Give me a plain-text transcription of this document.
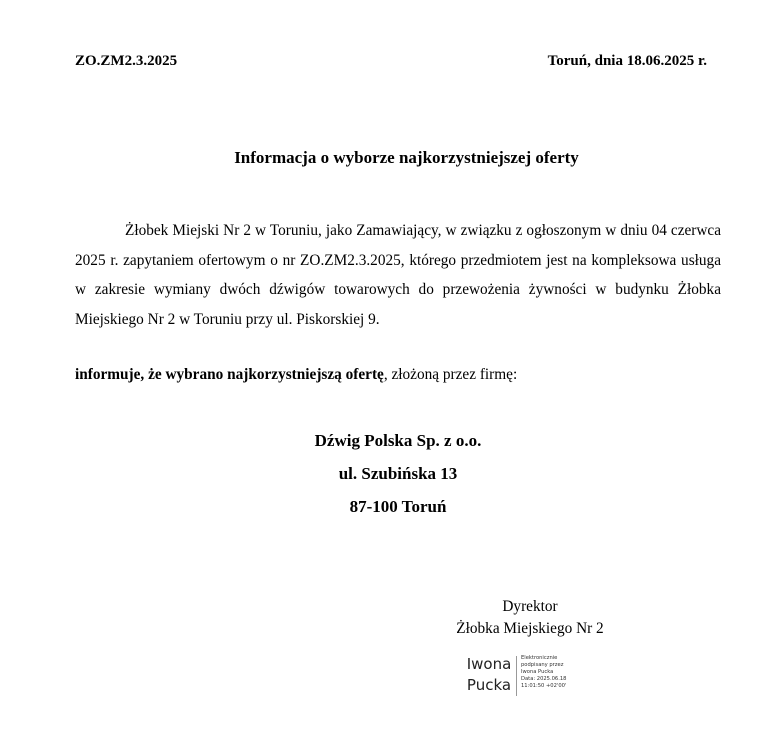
ZO.ZM2.3.2025	Toruń, dnia 18.06.2025 r.
Informacja o wyborze najkorzystniejszej oferty

Żłobek Miejski Nr 2 w Toruniu, jako Zamawiający, w związku z ogłoszonym w dniu 04 czerwca 2025 r. zapytaniem ofertowym o nr ZO.ZM2.3.2025, którego przedmiotem jest na kompleksowa usługa w zakresie wymiany dwóch dźwigów towarowych do przewożenia żywności w budynku Żłobka Miejskiego Nr 2 w Toruniu przy ul. Piskorskiej 9.

informuje, że wybrano najkorzystniejszą ofertę, złożoną przez firmę:
Dźwig Polska Sp. z o.o.
ul. Szubińska 13
87-100 Toruń
Dyrektor
Żłobka Miejskiego Nr 2
Iwona
Pucka
Elektronicznie
podpisany przez
Iwona Pucka
Data: 2025.06.18
11:01:50 +02'00'
